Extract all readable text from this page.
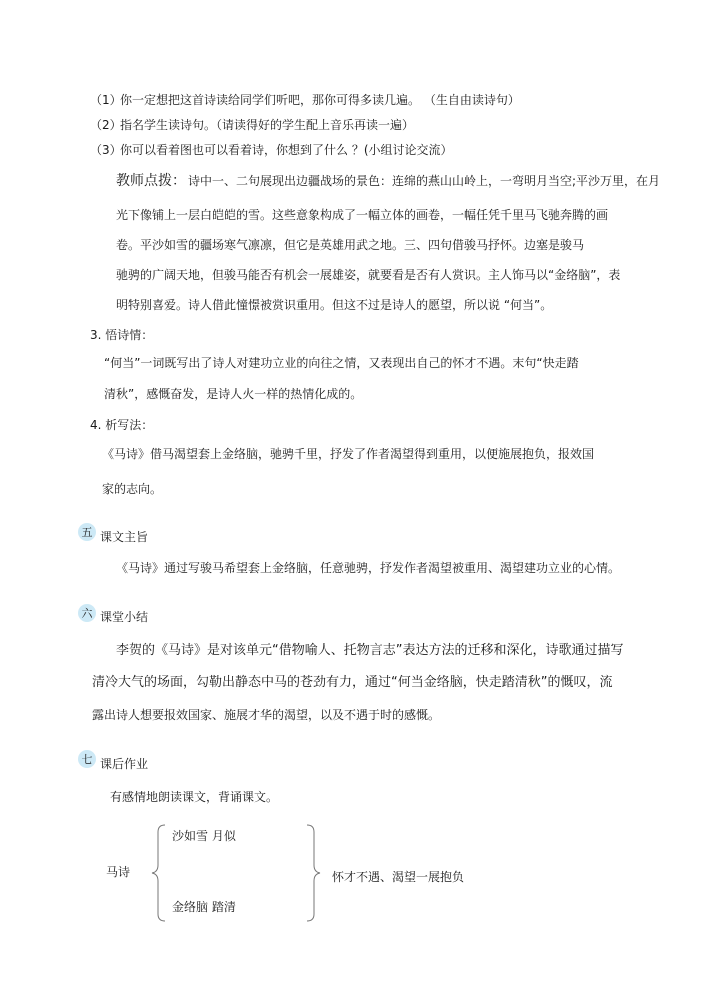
（1）
你一定想把这首诗读给同学们听吧，那你可得多读几遍。 （生自由读诗句）
（2）
指名学生读诗句。（请读得好的学生配上音乐再读一遍）
（3）
你可以看着图也可以看着诗，你想到了什么 ？(小组讨论交流）
教师点拨： 诗中一、二句展现出边疆战场的景色：连绵的燕山山岭上，一弯明月当空;平沙万里，在月
光下像铺上一层白皑皑的雪。这些意象构成了一幅立体的画卷，一幅任凭千里马飞驰奔腾的画
卷。平沙如雪的疆场寒气凛凛，但它是英雄用武之地。三、四句借骏马抒怀。边塞是骏马
驰骋的广阔天地，但骏马能否有机会一展雄姿，就要看是否有人赏识。主人饰马以“金络脑”，表
明特别喜爱。诗人借此憧憬被赏识重用。但这不过是诗人的愿望，所以说 “何当”。
3. 悟诗情：
“何当”一词既写出了诗人对建功立业的向往之情，又表现出自己的怀才不遇。末句“快走踏
清秋”，感慨奋发，是诗人火一样的热情化成的。
4. 析写法：
《马诗》借马渴望套上金络脑，驰骋千里，抒发了作者渴望得到重用，以便施展抱负，报效国
家的志向。
五 课文主旨
《马诗》通过写骏马希望套上金络脑，任意驰骋，抒发作者渴望被重用、渴望建功立业的心情。
六 课堂小结
李贺的《马诗》是对该单元“借物喻人、托物言志”表达方法的迁移和深化，诗歌通过描写
清冷大气的场面，勾勒出静态中马的苍劲有力，通过“何当金络脑，快走踏清秋”的慨叹，流
露出诗人想要报效国家、施展才华的渴望，以及不遇于时的感慨。
七 课后作业
有感情地朗读课文，背诵课文。
马诗
沙如雪 月似
金络脑 踏清
怀才不遇、渴望一展抱负
